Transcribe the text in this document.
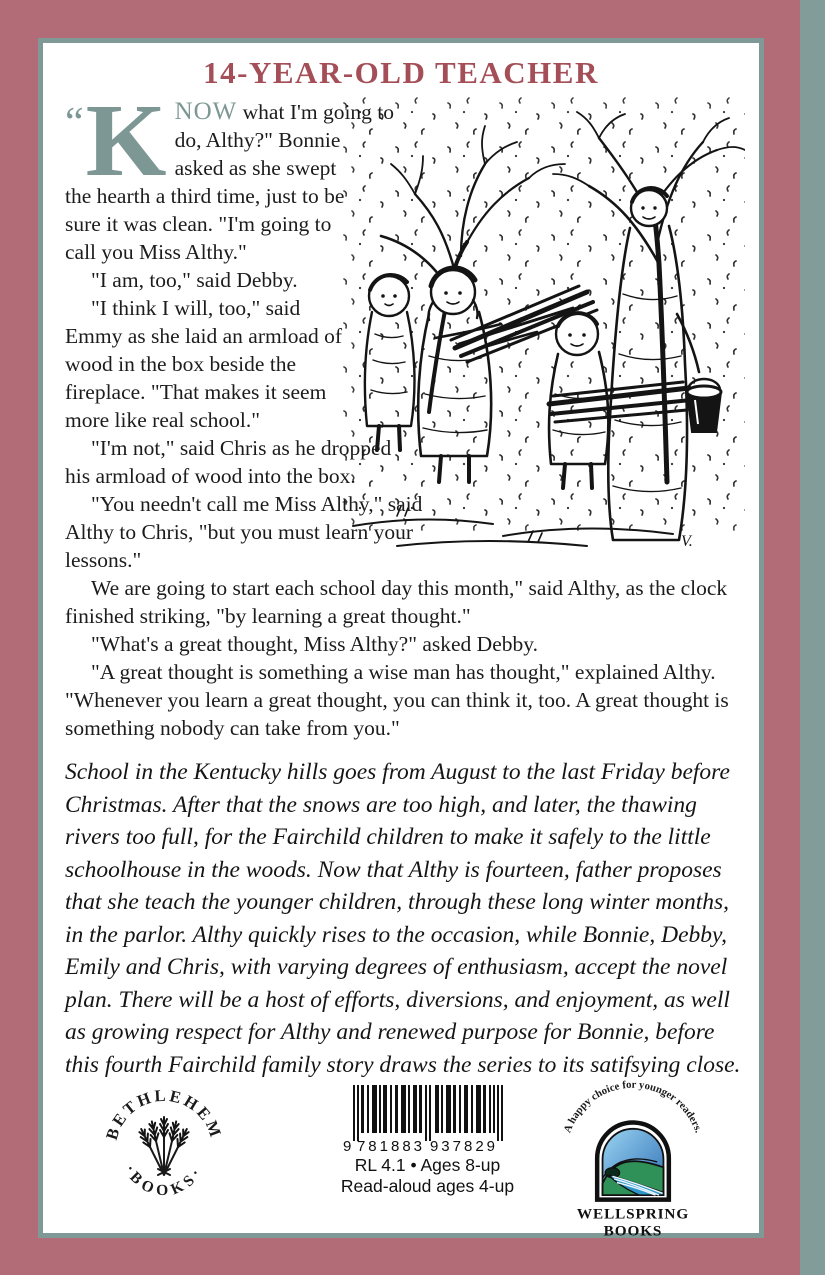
14-YEAR-OLD TEACHER
V.

“ K NOW what I'm going to do, Althy?" Bonnie asked as she swept the hearth a third time, just to be sure it was clean. "I'm going to call you Miss Althy."

"I am, too," said Debby.

"I think I will, too," said Emmy as she laid an armload of wood in the box beside the fireplace. "That makes it seem more like real school."

"I'm not," said Chris as he dropped his armload of wood into the box.

"You needn't call me Miss Althy," said Althy to Chris, "but you must learn your lessons."

We are going to start each school day this month," said Althy, as the clock finished striking, "by learning a great thought."

"What's a great thought, Miss Althy?" asked Debby.

"A great thought is something a wise man has thought," explained Althy. "Whenever you learn a great thought, you can think it, too. A great thought is something nobody can take from you."

School in the Kentucky hills goes from August to the last Friday before Christmas. After that the snows are too high, and later, the thawing rivers too full, for the Fairchild children to make it safely to the little schoolhouse in the woods. Now that Althy is fourteen, father proposes that she teach the younger children, through these long winter months, in the parlor. Althy quickly rises to the occasion, while Bonnie, Debby, Emily and Chris, with varying degrees of enthusiasm, accept the novel plan. There will be a host of efforts, diversions, and enjoyment, as well as growing respect for Althy and renewed purpose for Bonnie, before this fourth Fairchild family story draws the series to its satifsying close.

BETHLEHEM
·BOOKS·
9 781883 937829
RL 4.1 • Ages 8-up
Read-aloud ages 4-up
A happy choice for younger readers.
WELLSPRING
BOOKS
